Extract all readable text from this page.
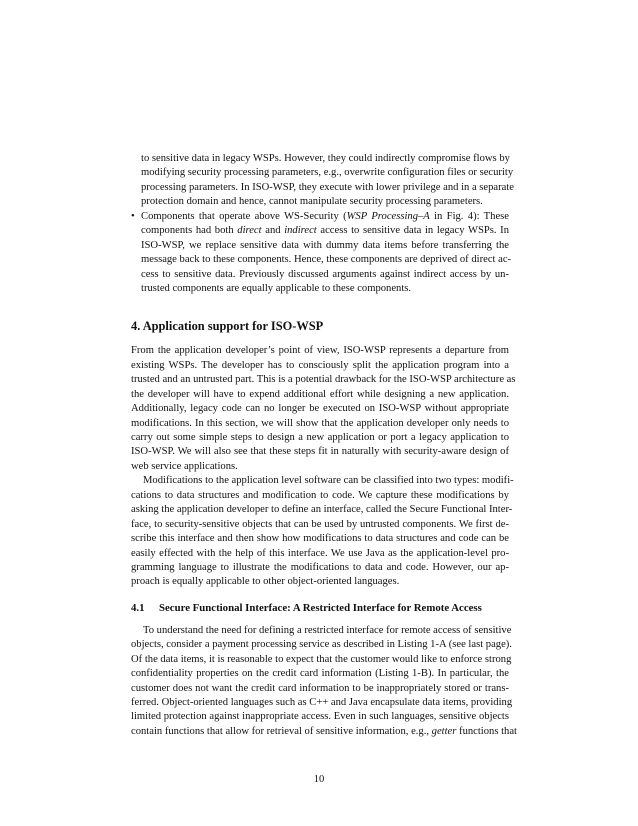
to sensitive data in legacy WSPs. However, they could indirectly compromise flows by
modifying security processing parameters, e.g., overwrite configuration files or security
processing parameters. In ISO-WSP, they execute with lower privilege and in a separate
protection domain and hence, cannot manipulate security processing parameters.
• Components that operate above WS-Security (WSP Processing–A in Fig. 4): These
components had both direct and indirect access to sensitive data in legacy WSPs. In
ISO-WSP, we replace sensitive data with dummy data items before transferring the
message back to these components. Hence, these components are deprived of direct ac-
cess to sensitive data. Previously discussed arguments against indirect access by un-
trusted components are equally applicable to these components.
4. Application support for ISO-WSP
From the application developer’s point of view, ISO-WSP represents a departure from
existing WSPs. The developer has to consciously split the application program into a
trusted and an untrusted part. This is a potential drawback for the ISO-WSP architecture as
the developer will have to expend additional effort while designing a new application.
Additionally, legacy code can no longer be executed on ISO-WSP without appropriate
modifications. In this section, we will show that the application developer only needs to
carry out some simple steps to design a new application or port a legacy application to
ISO-WSP. We will also see that these steps fit in naturally with security-aware design of
web service applications.
Modifications to the application level software can be classified into two types: modifi-
cations to data structures and modification to code. We capture these modifications by
asking the application developer to define an interface, called the Secure Functional Inter-
face, to security-sensitive objects that can be used by untrusted components. We first de-
scribe this interface and then show how modifications to data structures and code can be
easily effected with the help of this interface. We use Java as the application-level pro-
gramming language to illustrate the modifications to data and code. However, our ap-
proach is equally applicable to other object-oriented languages.
4.1 Secure Functional Interface: A Restricted Interface for Remote Access
To understand the need for defining a restricted interface for remote access of sensitive
objects, consider a payment processing service as described in Listing 1-A (see last page).
Of the data items, it is reasonable to expect that the customer would like to enforce strong
confidentiality properties on the credit card information (Listing 1-B). In particular, the
customer does not want the credit card information to be inappropriately stored or trans-
ferred. Object-oriented languages such as C++ and Java encapsulate data items, providing
limited protection against inappropriate access. Even in such languages, sensitive objects
contain functions that allow for retrieval of sensitive information, e.g., getter functions that
10
